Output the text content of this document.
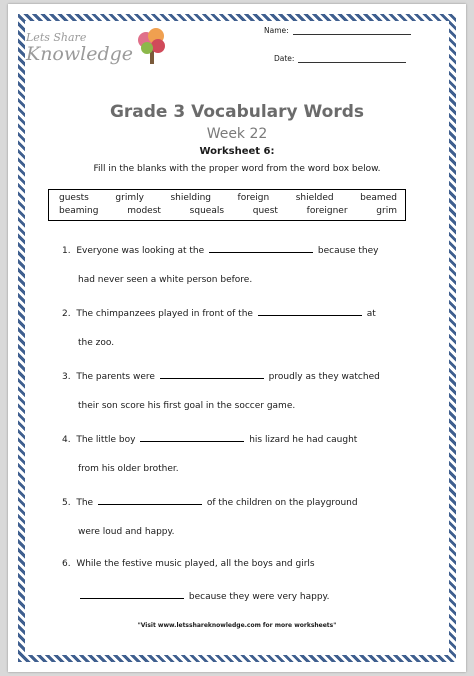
Lets Share
Knowledge
Name:
Date:
Grade 3 Vocabulary Words
Week 22
Worksheet 6:
Fill in the blanks with the proper word from the word box below.
guests	grimly	shielding	foreign	shielded	beamed
beaming	modest	squeals	quest	foreigner	grim
1. Everyone was looking at the	because they
had never seen a white person before.
2. The chimpanzees played in front of the	at
the zoo.
3. The parents were	proudly as they watched
their son score his first goal in the soccer game.
4. The little boy	his lizard he had caught
from his older brother.
5. The	of the children on the playground
were loud and happy.
6. While the festive music played, all the boys and girls
because they were very happy.
"Visit www.letsshareknowledge.com for more worksheets"
